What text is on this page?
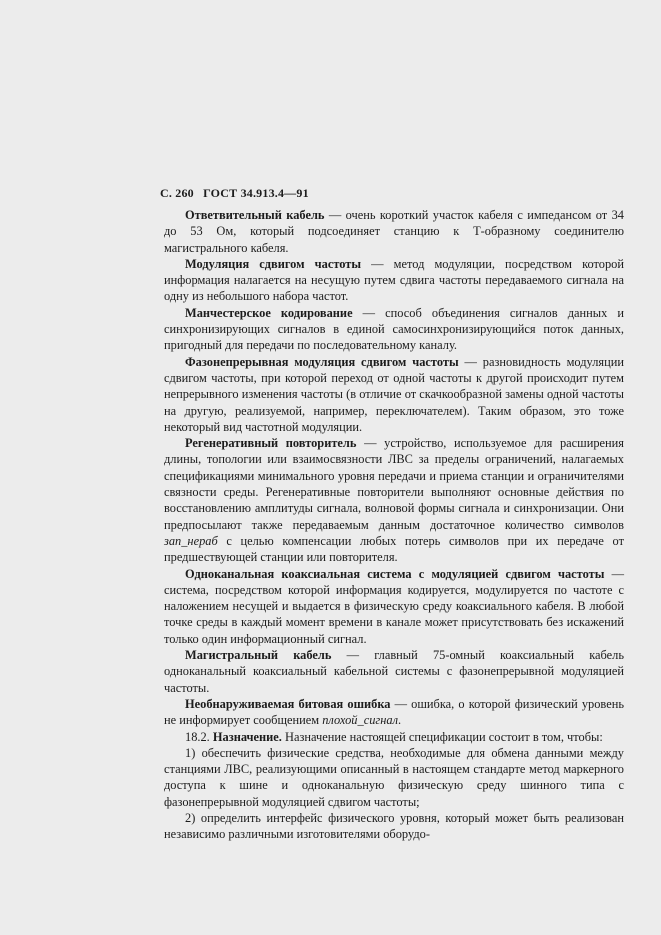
С. 260 ГОСТ 34.913.4—91

Ответвительный кабель — очень короткий участок кабеля с импедансом от 34 до 53 Ом, который подсоединяет станцию к Т-образному соединителю магистрального кабеля.

Модуляция сдвигом частоты — метод модуляции, посредством которой информация налагается на несущую путем сдвига частоты передаваемого сигнала на одну из небольшого набора частот.

Манчестерское кодирование — способ объединения сигналов данных и синхронизирующих сигналов в единой самосинхронизирующийся поток данных, пригодный для передачи по последовательному каналу.

Фазонепрерывная модуляция сдвигом частоты — разновидность модуляции сдвигом частоты, при которой переход от одной частоты к другой происходит путем непрерывного изменения частоты (в отличие от скачкообразной замены одной частоты на другую, реализуемой, например, переключателем). Таким образом, это тоже некоторый вид частотной модуляции.

Регенеративный повторитель — устройство, используемое для расширения длины, топологии или взаимосвязности ЛВС за пределы ограничений, налагаемых спецификациями минимального уровня передачи и приема станции и ограничителями связности среды. Регенеративные повторители выполняют основные действия по восстановлению амплитуды сигнала, волновой формы сигнала и синхронизации. Они предпосылают также передаваемым данным достаточное количество символов зап_нераб с целью компенсации любых потерь символов при их передаче от предшествующей станции или повторителя.

Одноканальная коаксиальная система с модуляцией сдвигом частоты — система, посредством которой информация кодируется, модулируется по частоте с наложением несущей и выдается в физическую среду коаксиального кабеля. В любой точке среды в каждый момент времени в канале может присутствовать без искажений только один информационный сигнал.

Магистральный кабель — главный 75-омный коаксиальный кабель одноканальный коаксиальный кабельной системы с фазонепрерывной модуляцией частоты.

Необнаруживаемая битовая ошибка — ошибка, о которой физический уровень не информирует сообщением плохой_сигнал.

18.2. Назначение. Назначение настоящей спецификации состоит в том, чтобы:

1) обеспечить физические средства, необходимые для обмена данными между станциями ЛВС, реализующими описанный в настоящем стандарте метод маркерного доступа к шине и одноканальную физическую среду шинного типа с фазонепрерывной модуляцией сдвигом частоты;

2) определить интерфейс физического уровня, который может быть реализован независимо различными изготовителями оборудо-
